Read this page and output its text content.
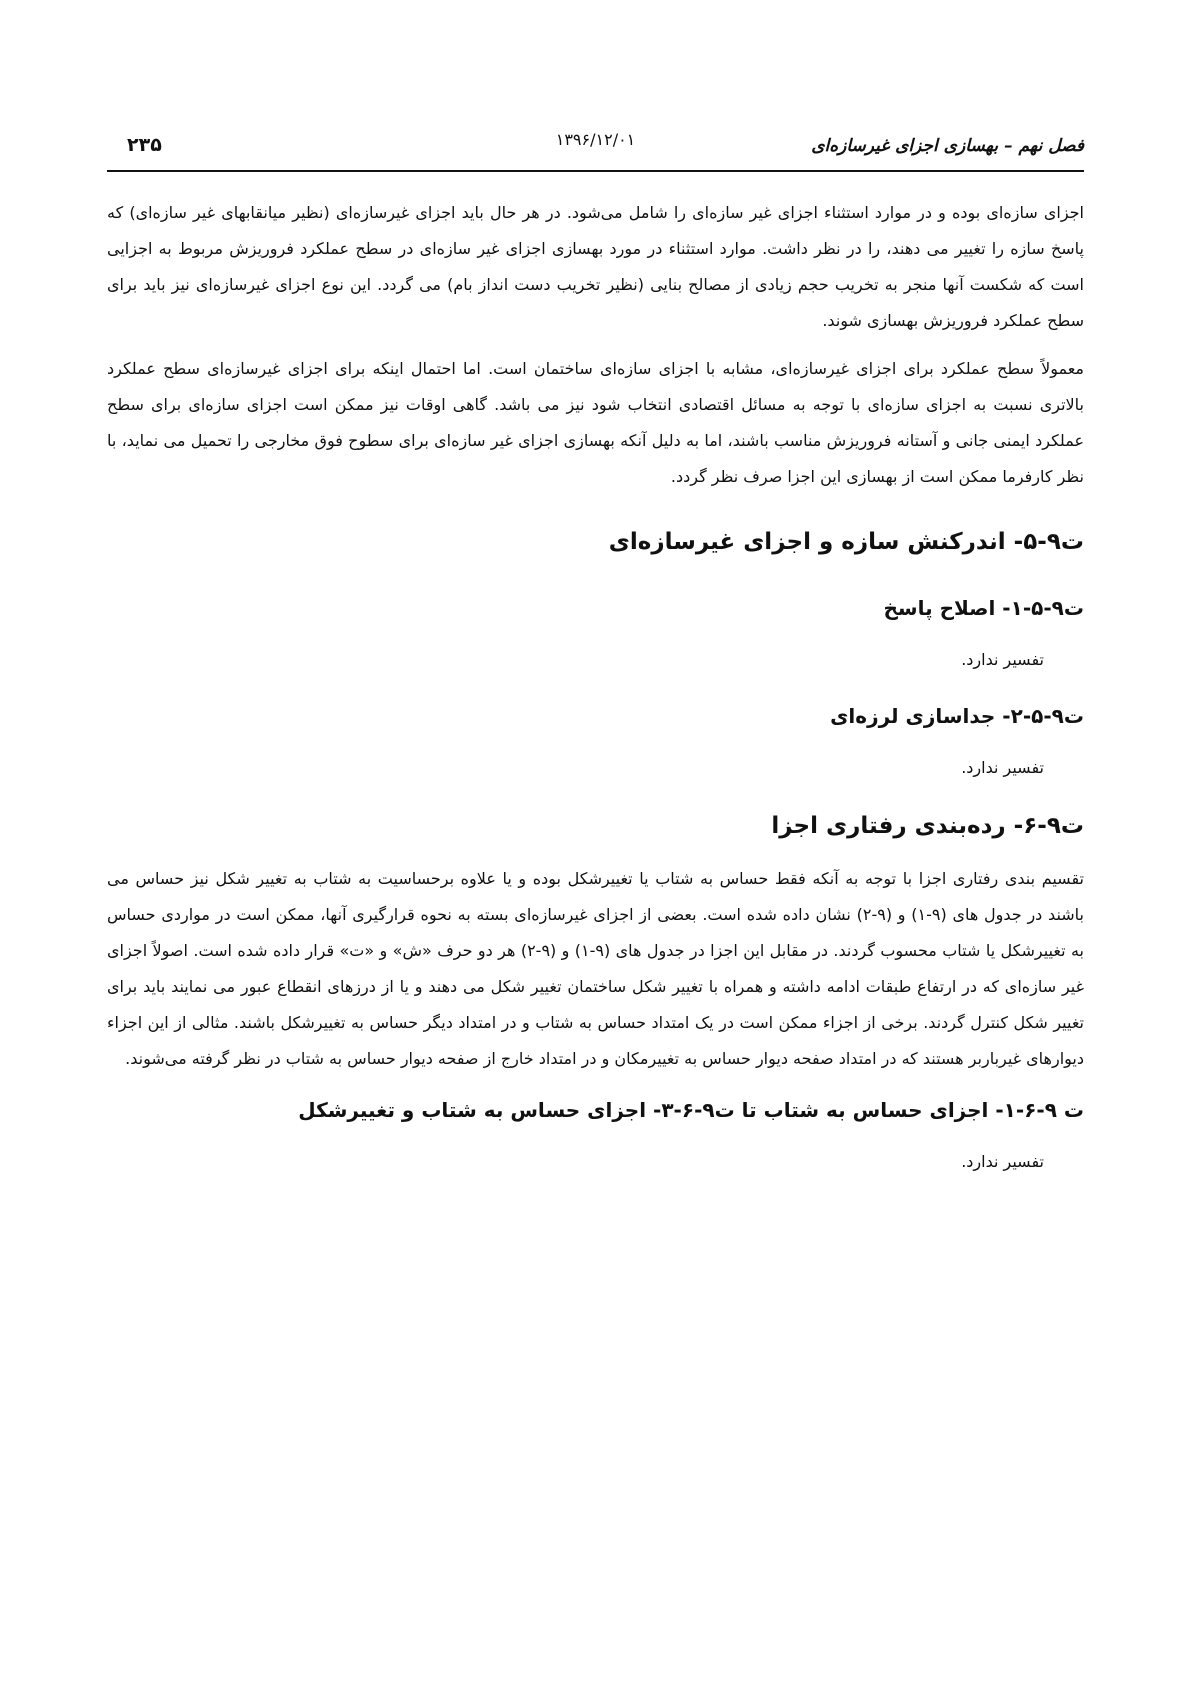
فصل نهم – بهسازی اجزای غیرسازه‌ای
۱۳۹۶/۱۲/۰۱
۲۳۵

اجزای سازه‌ای بوده و در موارد استثناء اجزای غیر سازه‌ای را شامل می‌شود. در هر حال باید اجزای غیرسازه‌ای (نظیر میانقابهای غیر سازه‌ای) که پاسخ سازه را تغییر می دهند، را در نظر داشت. موارد استثناء در مورد بهسازی اجزای غیر سازه‌ای در سطح عملکرد فروریزش مربوط به اجزایی است که شکست آنها منجر به تخریب حجم زیادی از مصالح بنایی (نظیر تخریب دست انداز بام) می گردد. این نوع اجزای غیرسازه‌ای نیز باید برای سطح عملکرد فروریزش بهسازی شوند.

معمولاً سطح عملکرد برای اجزای غیرسازه‌ای، مشابه با اجزای سازه‌ای ساختمان است. اما احتمال اینکه برای اجزای غیرسازه‌ای سطح عملکرد بالاتری نسبت به اجزای سازه‌ای با توجه به مسائل اقتصادی انتخاب شود نیز می باشد. گاهی اوقات نیز ممکن است اجزای سازه‌ای برای سطح عملکرد ایمنی جانی و آستانه فروریزش مناسب باشند، اما به دلیل آنکه بهسازی اجزای غیر سازه‌ای برای سطوح فوق مخارجی را تحمیل می نماید، با نظر کارفرما ممکن است از بهسازی این اجزا صرف نظر گردد.

ت۹-۵- اندرکنش سازه و اجزای غیرسازه‌ای
ت۹-۵-۱- اصلاح پاسخ
تفسیر ندارد.
ت۹-۵-۲- جداسازی لرزه‌ای
تفسیر ندارد.
ت۹-۶- رده‌بندی رفتاری اجزا

تقسیم بندی رفتاری اجزا با توجه به آنکه فقط حساس به شتاب یا تغییرشکل بوده و یا علاوه برحساسیت به شتاب به تغییر شکل نیز حساس می باشند در جدول های (۹-۱) و (۹-۲) نشان داده شده است. بعضی از اجزای غیرسازه‌ای بسته به نحوه قرارگیری آنها، ممکن است در مواردی حساس به تغییرشکل یا شتاب محسوب گردند. در مقابل این اجزا در جدول های (۹-۱) و (۹-۲) هر دو حرف «ش» و «ت» قرار داده شده است. اصولاً اجزای غیر سازه‌ای که در ارتفاع طبقات ادامه داشته و همراه با تغییر شکل ساختمان تغییر شکل می دهند و یا از درزهای انقطاع عبور می نمایند باید برای تغییر شکل کنترل گردند. برخی از اجزاء ممکن است در یک امتداد حساس به شتاب و در امتداد دیگر حساس به تغییرشکل باشند. مثالی از این اجزاء دیوارهای غیرباربر هستند که در امتداد صفحه دیوار حساس به تغییرمکان و در امتداد خارج از صفحه دیوار حساس به شتاب در نظر گرفته می‌شوند.

ت ۹-۶-۱- اجزای حساس به شتاب تا ت۹-۶-۳- اجزای حساس به شتاب و تغییرشکل
تفسیر ندارد.
